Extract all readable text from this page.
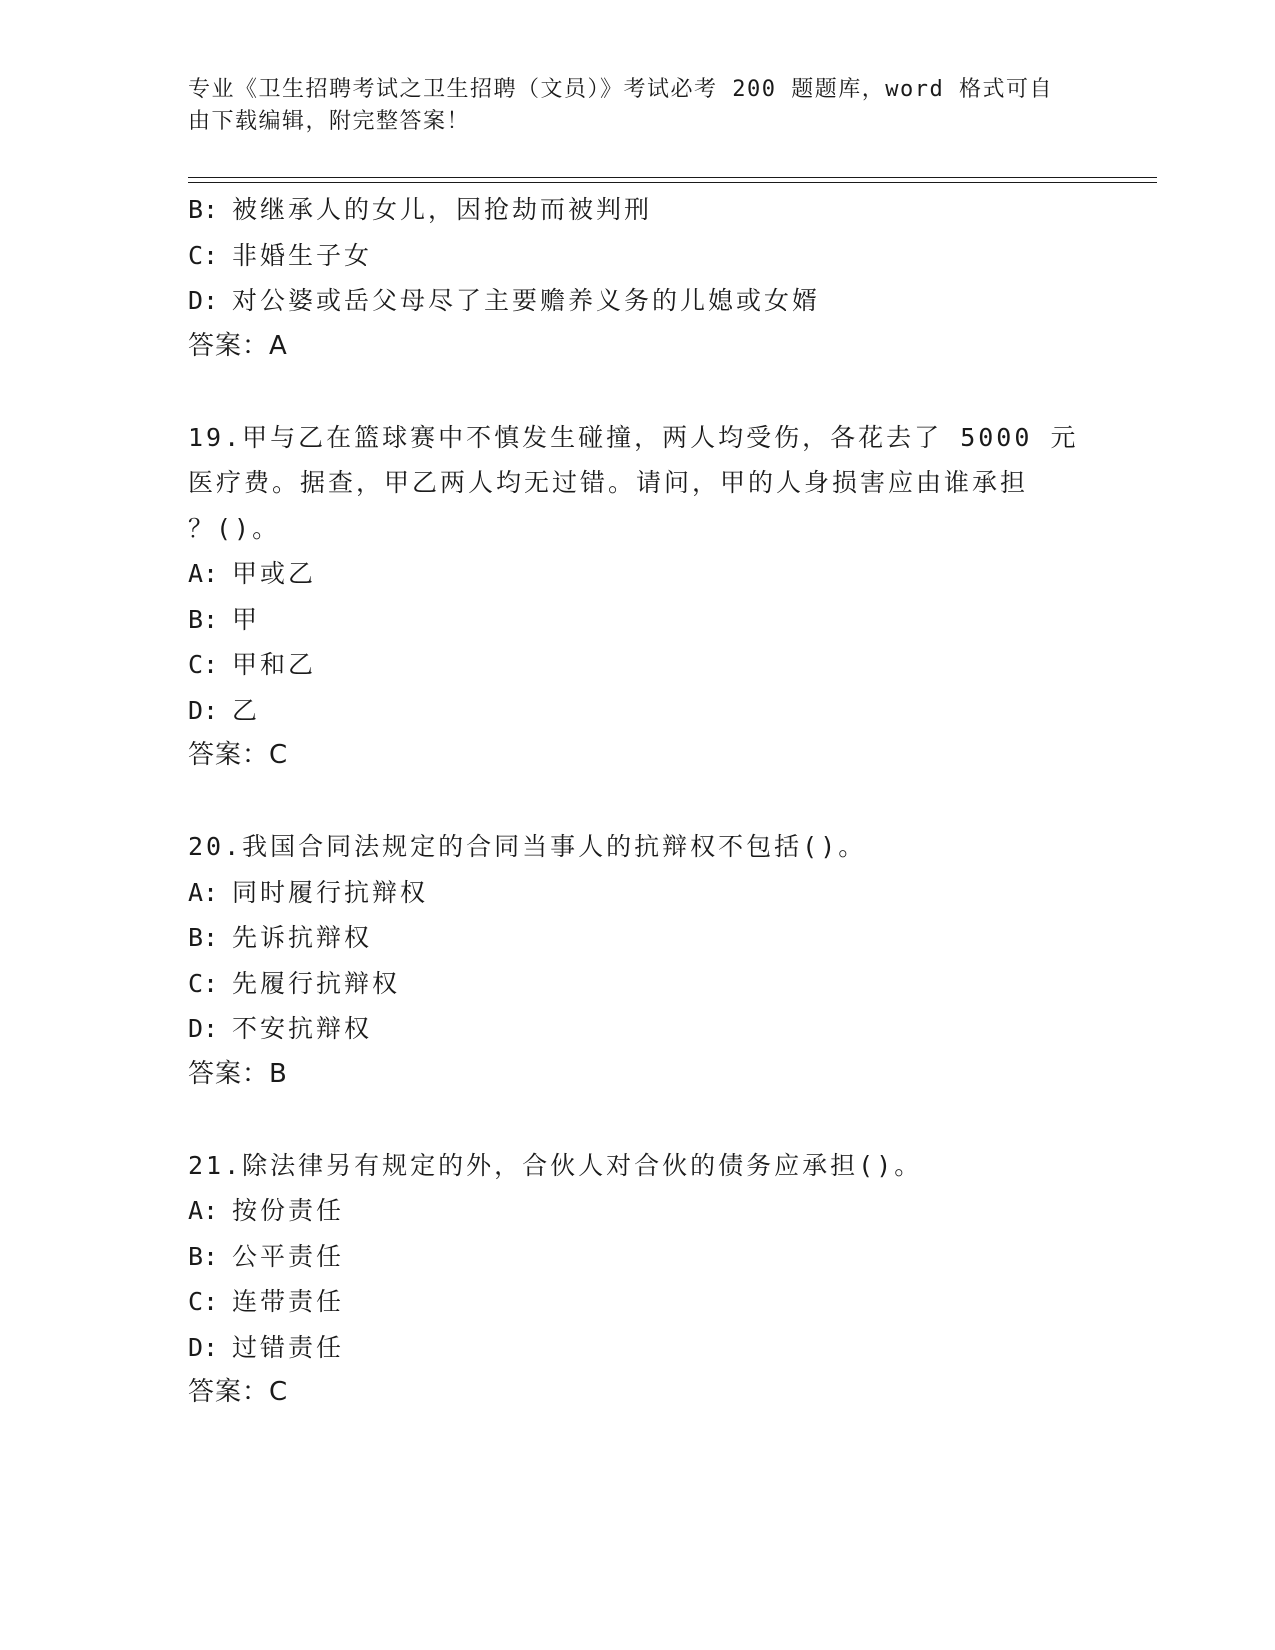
专业《卫生招聘考试之卫生招聘（文员）》考试必考 200 题题库，word 格式可自
由下载编辑，附完整答案！
B: 被继承人的女儿，因抢劫而被判刑
C: 非婚生子女
D: 对公婆或岳父母尽了主要赡养义务的儿媳或女婿
答案：A
19.甲与乙在篮球赛中不慎发生碰撞，两人均受伤，各花去了 5000 元
医疗费。据查，甲乙两人均无过错。请问，甲的人身损害应由谁承担
？()。
A: 甲或乙
B: 甲
C: 甲和乙
D: 乙
答案：C
20.我国合同法规定的合同当事人的抗辩权不包括()。
A: 同时履行抗辩权
B: 先诉抗辩权
C: 先履行抗辩权
D: 不安抗辩权
答案：B
21.除法律另有规定的外，合伙人对合伙的债务应承担()。
A: 按份责任
B: 公平责任
C: 连带责任
D: 过错责任
答案：C
